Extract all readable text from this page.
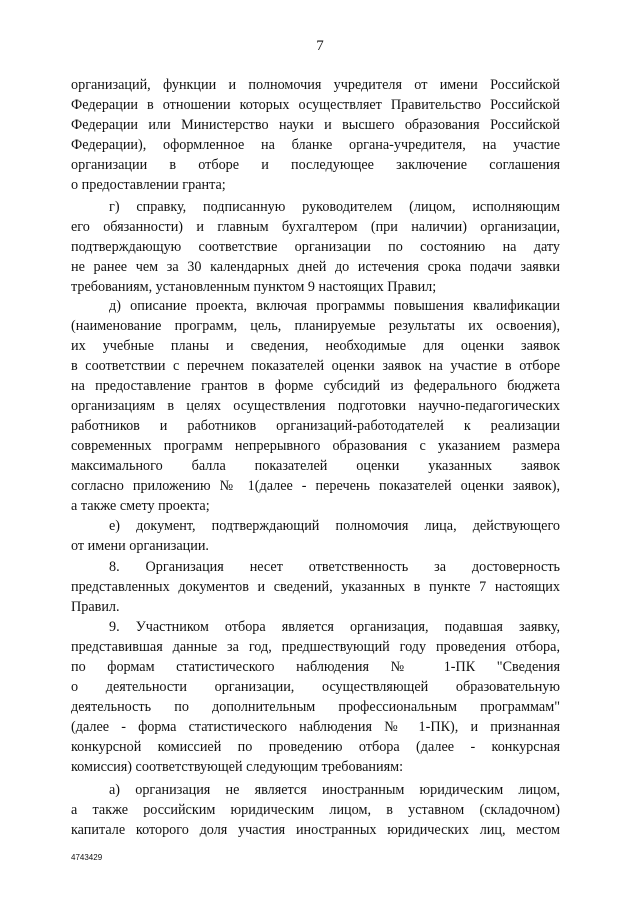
7
организаций, функции и полномочия учредителя от имени Российской
Федерации в отношении которых осуществляет Правительство Российской
Федерации или Министерство науки и высшего образования Российской
Федерации), оформленное на бланке органа-учредителя, на участие
организации в отборе и последующее заключение соглашения
о предоставлении гранта;
г) справку, подписанную руководителем (лицом, исполняющим
его обязанности) и главным бухгалтером (при наличии) организации,
подтверждающую соответствие организации по состоянию на дату
не ранее чем за 30 календарных дней до истечения срока подачи заявки
требованиям, установленным пунктом 9 настоящих Правил;
д) описание проекта, включая программы повышения квалификации
(наименование программ, цель, планируемые результаты их освоения),
их учебные планы и сведения, необходимые для оценки заявок
в соответствии с перечнем показателей оценки заявок на участие в отборе
на предоставление грантов в форме субсидий из федерального бюджета
организациям в целях осуществления подготовки научно-педагогических
работников и работников организаций-работодателей к реализации
современных программ непрерывного образования с указанием размера
максимального балла показателей оценки указанных заявок
согласно приложению № 1(далее - перечень показателей оценки заявок),
а также смету проекта;
е) документ, подтверждающий полномочия лица, действующего
от имени организации.
8. Организация несет ответственность за достоверность
представленных документов и сведений, указанных в пункте 7 настоящих
Правил.
9. Участником отбора является организация, подавшая заявку,
представившая данные за год, предшествующий году проведения отбора,
по формам статистического наблюдения № 1-ПК "Сведения
о деятельности организации, осуществляющей образовательную
деятельность по дополнительным профессиональным программам"
(далее - форма статистического наблюдения № 1-ПК), и признанная
конкурсной комиссией по проведению отбора (далее - конкурсная
комиссия) соответствующей следующим требованиям:
а) организация не является иностранным юридическим лицом,
а также российским юридическим лицом, в уставном (складочном)
капитале которого доля участия иностранных юридических лиц, местом
4743429
